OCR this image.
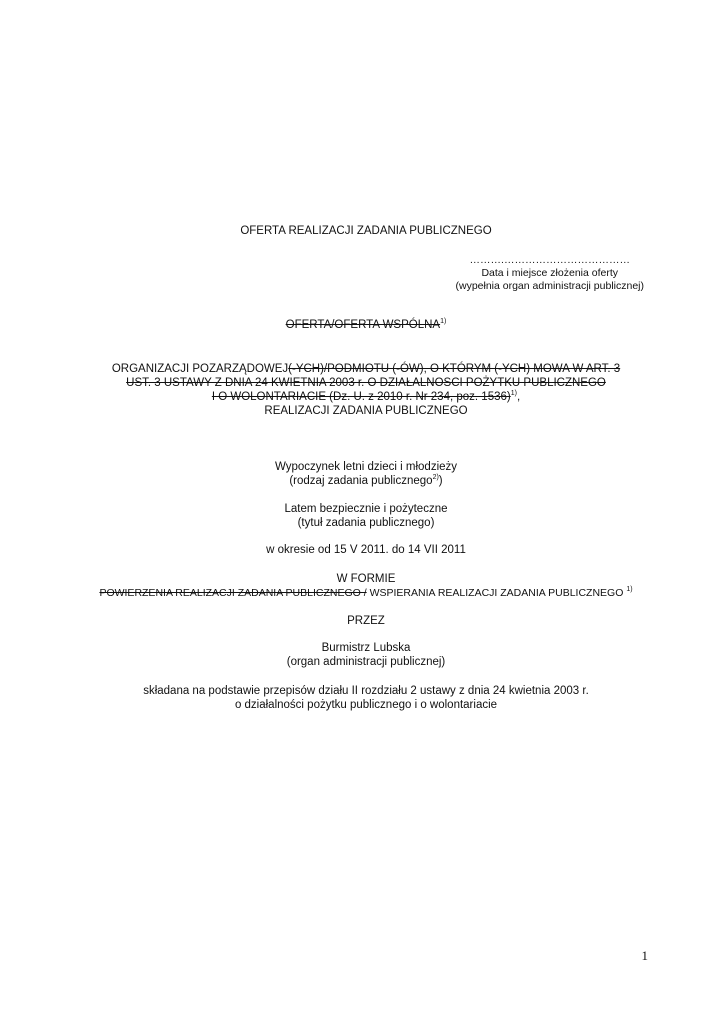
OFERTA REALIZACJI ZADANIA PUBLICZNEGO
……….………………………………
Data i miejsce złożenia oferty
(wypełnia organ administracji publicznej)
OFERTA/OFERTA WSPÓLNA$^{1)}$
ORGANIZACJI POZARZĄDOWEJ(-YCH)/PODMIOTU (-ÓW), O KTÓRYM (-YCH) MOWA W ART. 3
UST. 3 USTAWY Z DNIA 24 KWIETNIA 2003 r. O DZIAŁALNOSCI POŻYTKU PUBLICZNEGO
I O WOLONTARIACIE (Dz. U. z 2010 r. Nr 234, poz. 1536)$^{1)}$,
REALIZACJI ZADANIA PUBLICZNEGO
Wypoczynek letni dzieci i młodzieży
(rodzaj zadania publicznego$^{2)}$)
Latem bezpiecznie i pożyteczne
(tytuł zadania publicznego)
w okresie od 15 V 2011. do 14 VII 2011
W FORMIE
POWIERZENIA REALIZACJI ZADANIA PUBLICZNEGO / WSPIERANIA REALIZACJI ZADANIA PUBLICZNEGO $^{1)}$
PRZEZ
Burmistrz Lubska
(organ administracji publicznej)
składana na podstawie przepisów działu II rozdziału 2 ustawy z dnia 24 kwietnia 2003 r.
o działalności pożytku publicznego i o wolontariacie
1
